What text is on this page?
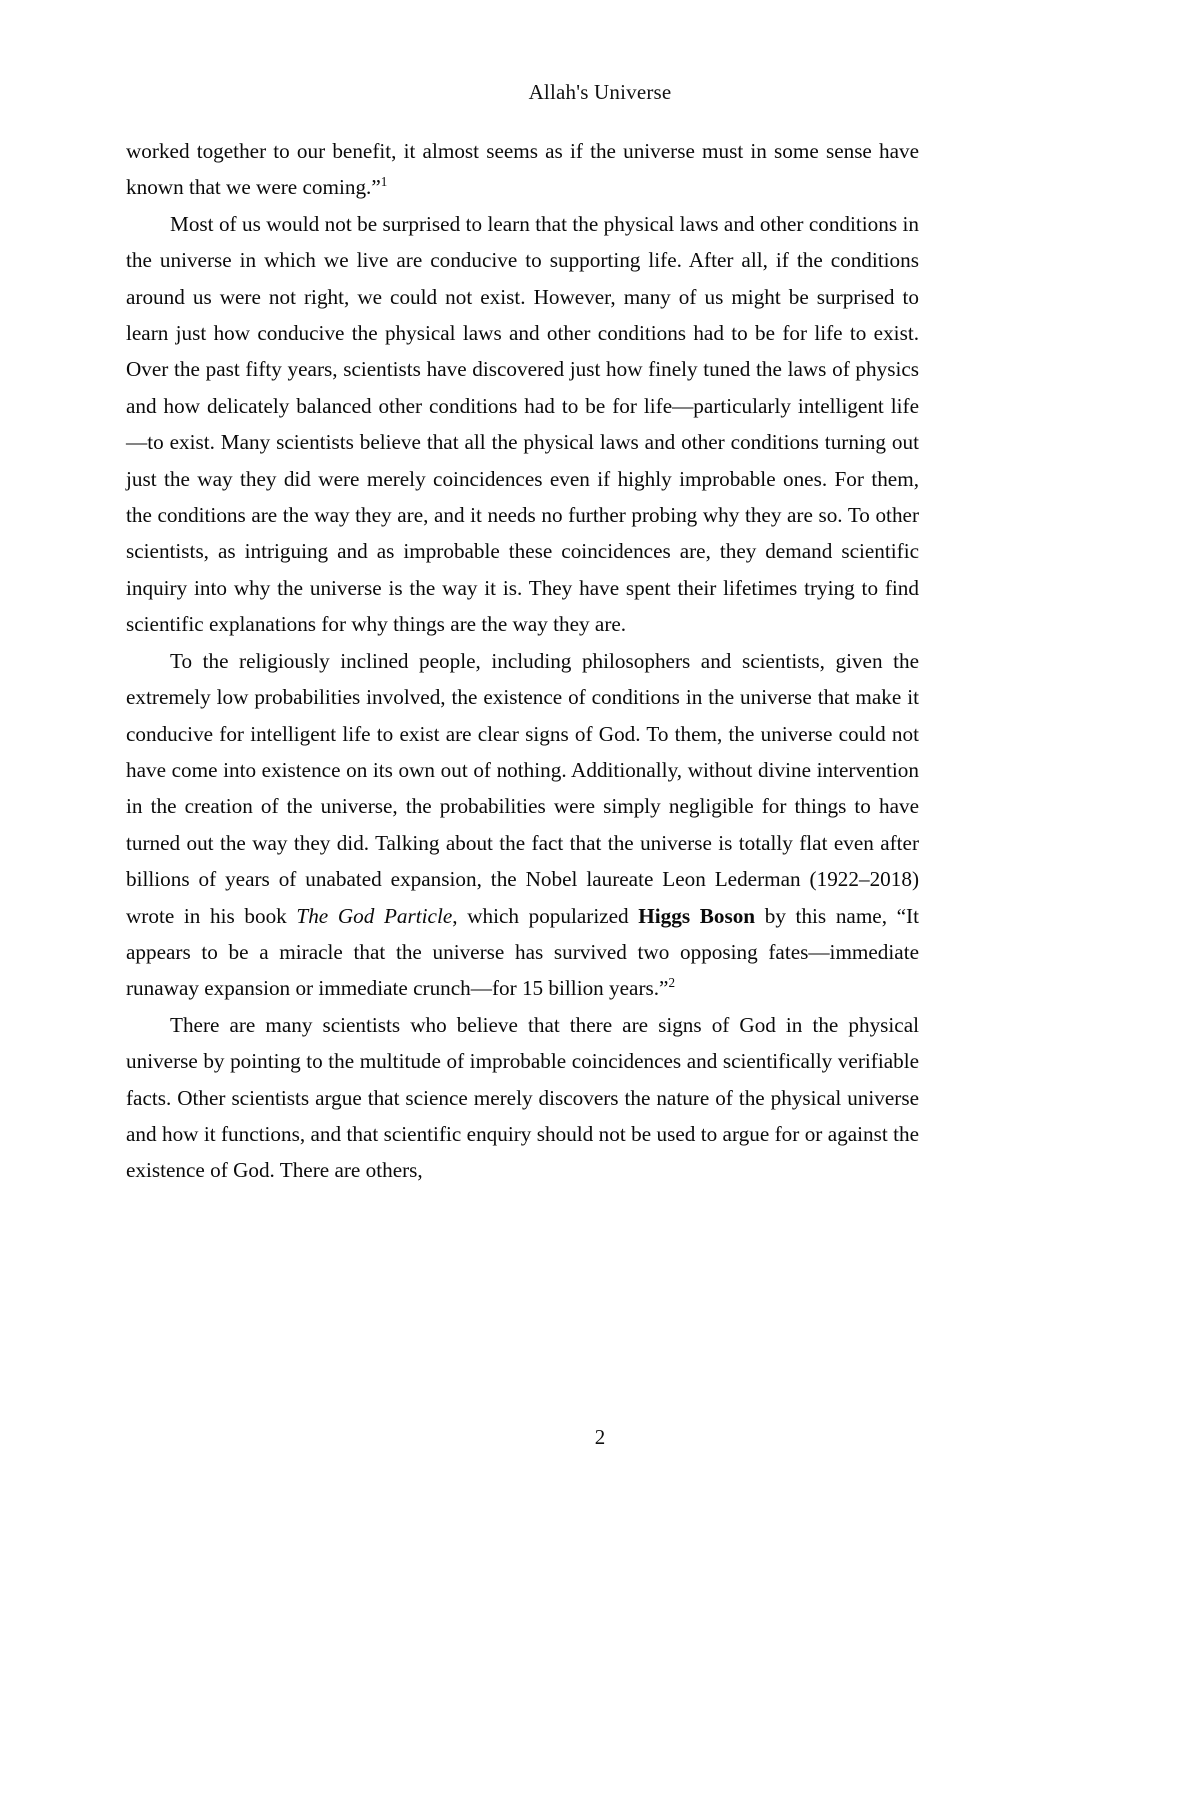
Allah's Universe

worked together to our benefit, it almost seems as if the universe must in some sense have known that we were coming.”$^1$

Most of us would not be surprised to learn that the physical laws and other conditions in the universe in which we live are conducive to supporting life. After all, if the conditions around us were not right, we could not exist. However, many of us might be surprised to learn just how conducive the physical laws and other conditions had to be for life to exist. Over the past fifty years, scientists have discovered just how finely tuned the laws of physics and how delicately balanced other conditions had to be for life—particularly intelligent life—to exist. Many scientists believe that all the physical laws and other conditions turning out just the way they did were merely coincidences even if highly improbable ones. For them, the conditions are the way they are, and it needs no further probing why they are so. To other scientists, as intriguing and as improbable these coincidences are, they demand scientific inquiry into why the universe is the way it is. They have spent their lifetimes trying to find scientific explanations for why things are the way they are.

To the religiously inclined people, including philosophers and scientists, given the extremely low probabilities involved, the existence of conditions in the universe that make it conducive for intelligent life to exist are clear signs of God. To them, the universe could not have come into existence on its own out of nothing. Additionally, without divine intervention in the creation of the universe, the probabilities were simply negligible for things to have turned out the way they did. Talking about the fact that the universe is totally flat even after billions of years of unabated expansion, the Nobel laureate Leon Lederman (1922–2018) wrote in his book The God Particle, which popularized Higgs Boson by this name, “It appears to be a miracle that the universe has survived two opposing fates—immediate runaway expansion or immediate crunch—for 15 billion years.”$^2$

There are many scientists who believe that there are signs of God in the physical universe by pointing to the multitude of improbable coincidences and scientifically verifiable facts. Other scientists argue that science merely discovers the nature of the physical universe and how it functions, and that scientific enquiry should not be used to argue for or against the existence of God. There are others,

2
